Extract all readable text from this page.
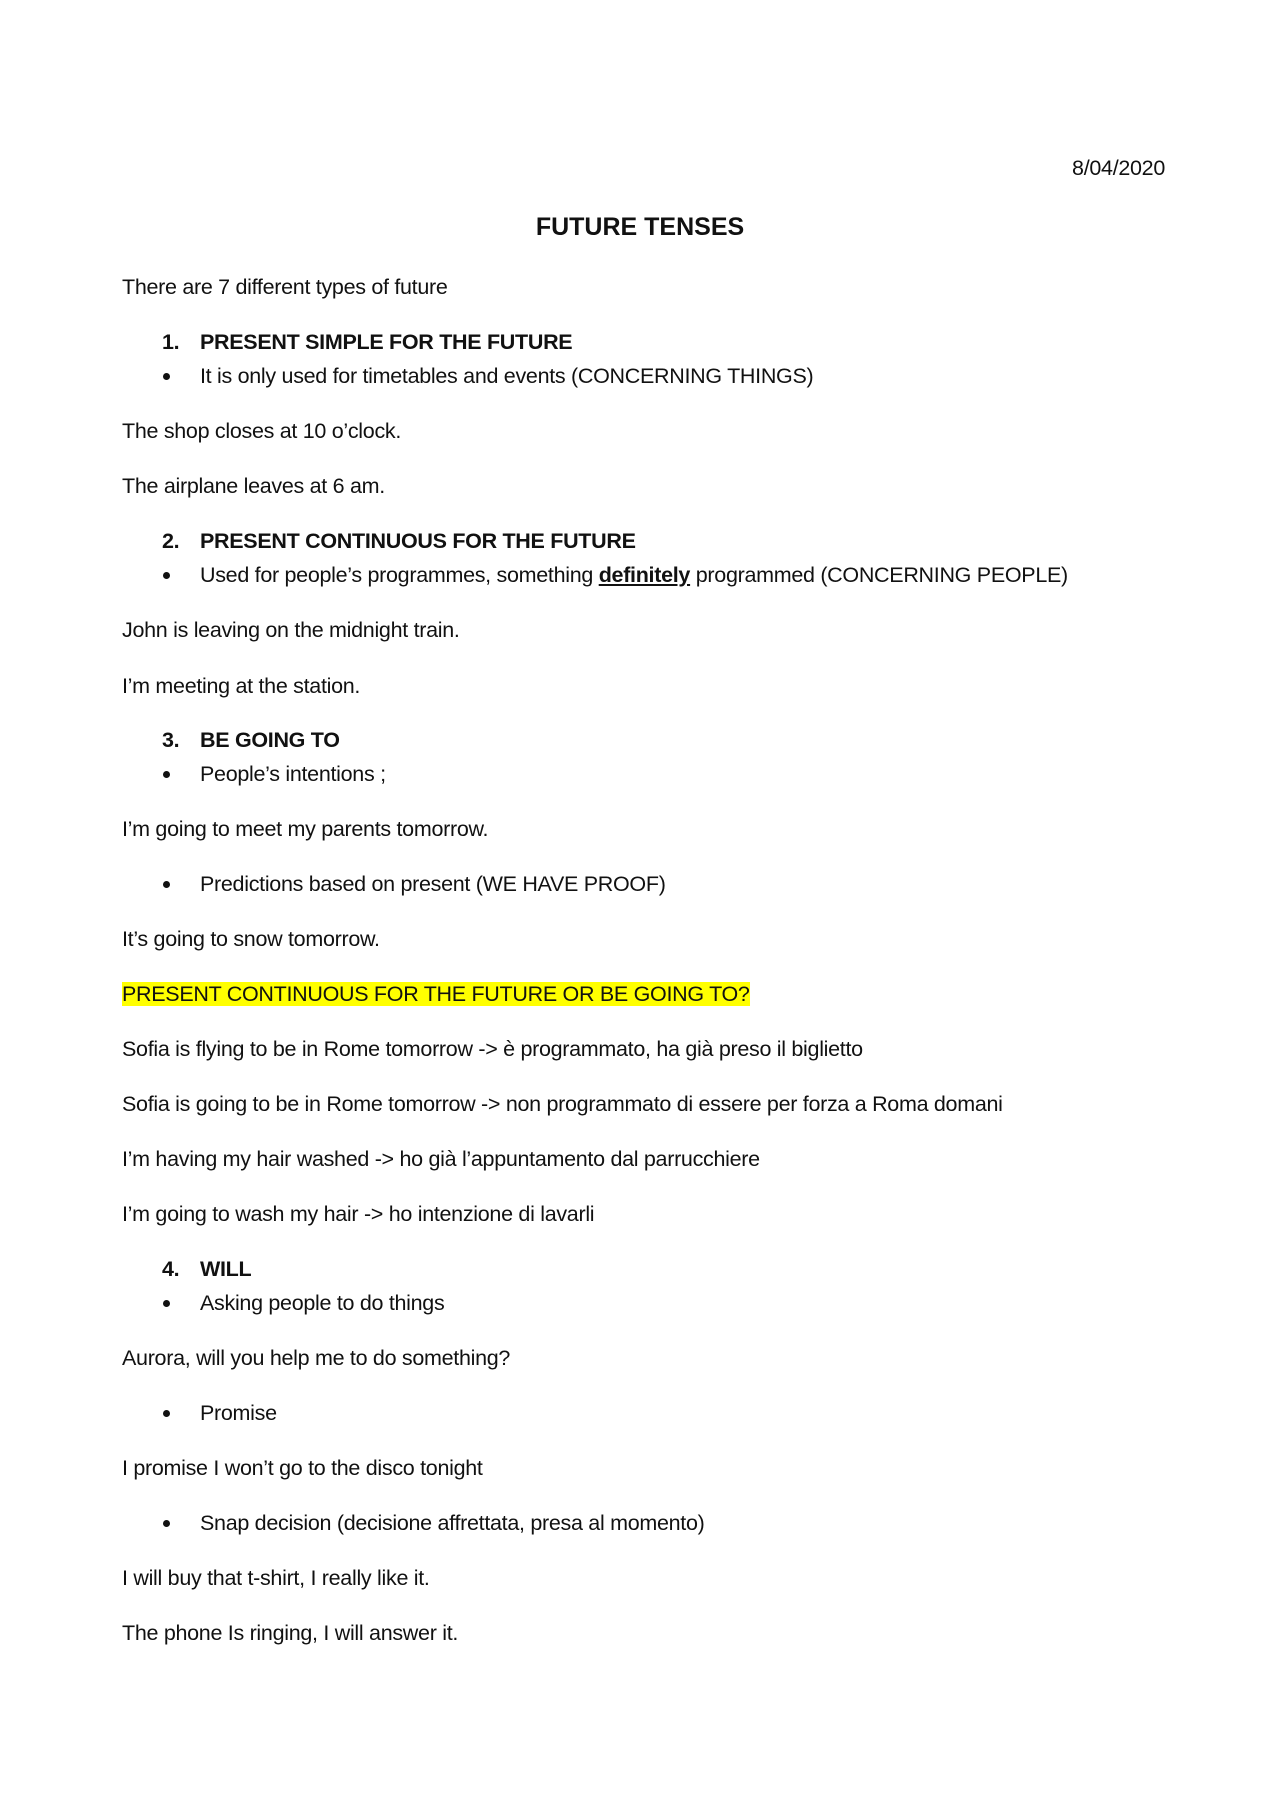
8/04/2020
FUTURE TENSES
There are 7 different types of future
1. PRESENT SIMPLE FOR THE FUTURE
It is only used for timetables and events (CONCERNING THINGS)
The shop closes at 10 o’clock.
The airplane leaves at 6 am.
2. PRESENT CONTINUOUS FOR THE FUTURE
Used for people’s programmes, something definitely programmed (CONCERNING PEOPLE)
John is leaving on the midnight train.
I’m meeting at the station.
3. BE GOING TO
People’s intentions ;
I’m going to meet my parents tomorrow.
Predictions based on present (WE HAVE PROOF)
It’s going to snow tomorrow.
PRESENT CONTINUOUS FOR THE FUTURE OR BE GOING TO?
Sofia is flying to be in Rome tomorrow -> è programmato, ha già preso il biglietto
Sofia is going to be in Rome tomorrow -> non programmato di essere per forza a Roma domani
I’m having my hair washed -> ho già l’appuntamento dal parrucchiere
I’m going to wash my hair -> ho intenzione di lavarli
4. WILL
Asking people to do things
Aurora, will you help me to do something?
Promise
I promise I won’t go to the disco tonight
Snap decision (decisione affrettata, presa al momento)
I will buy that t-shirt, I really like it.
The phone Is ringing, I will answer it.
